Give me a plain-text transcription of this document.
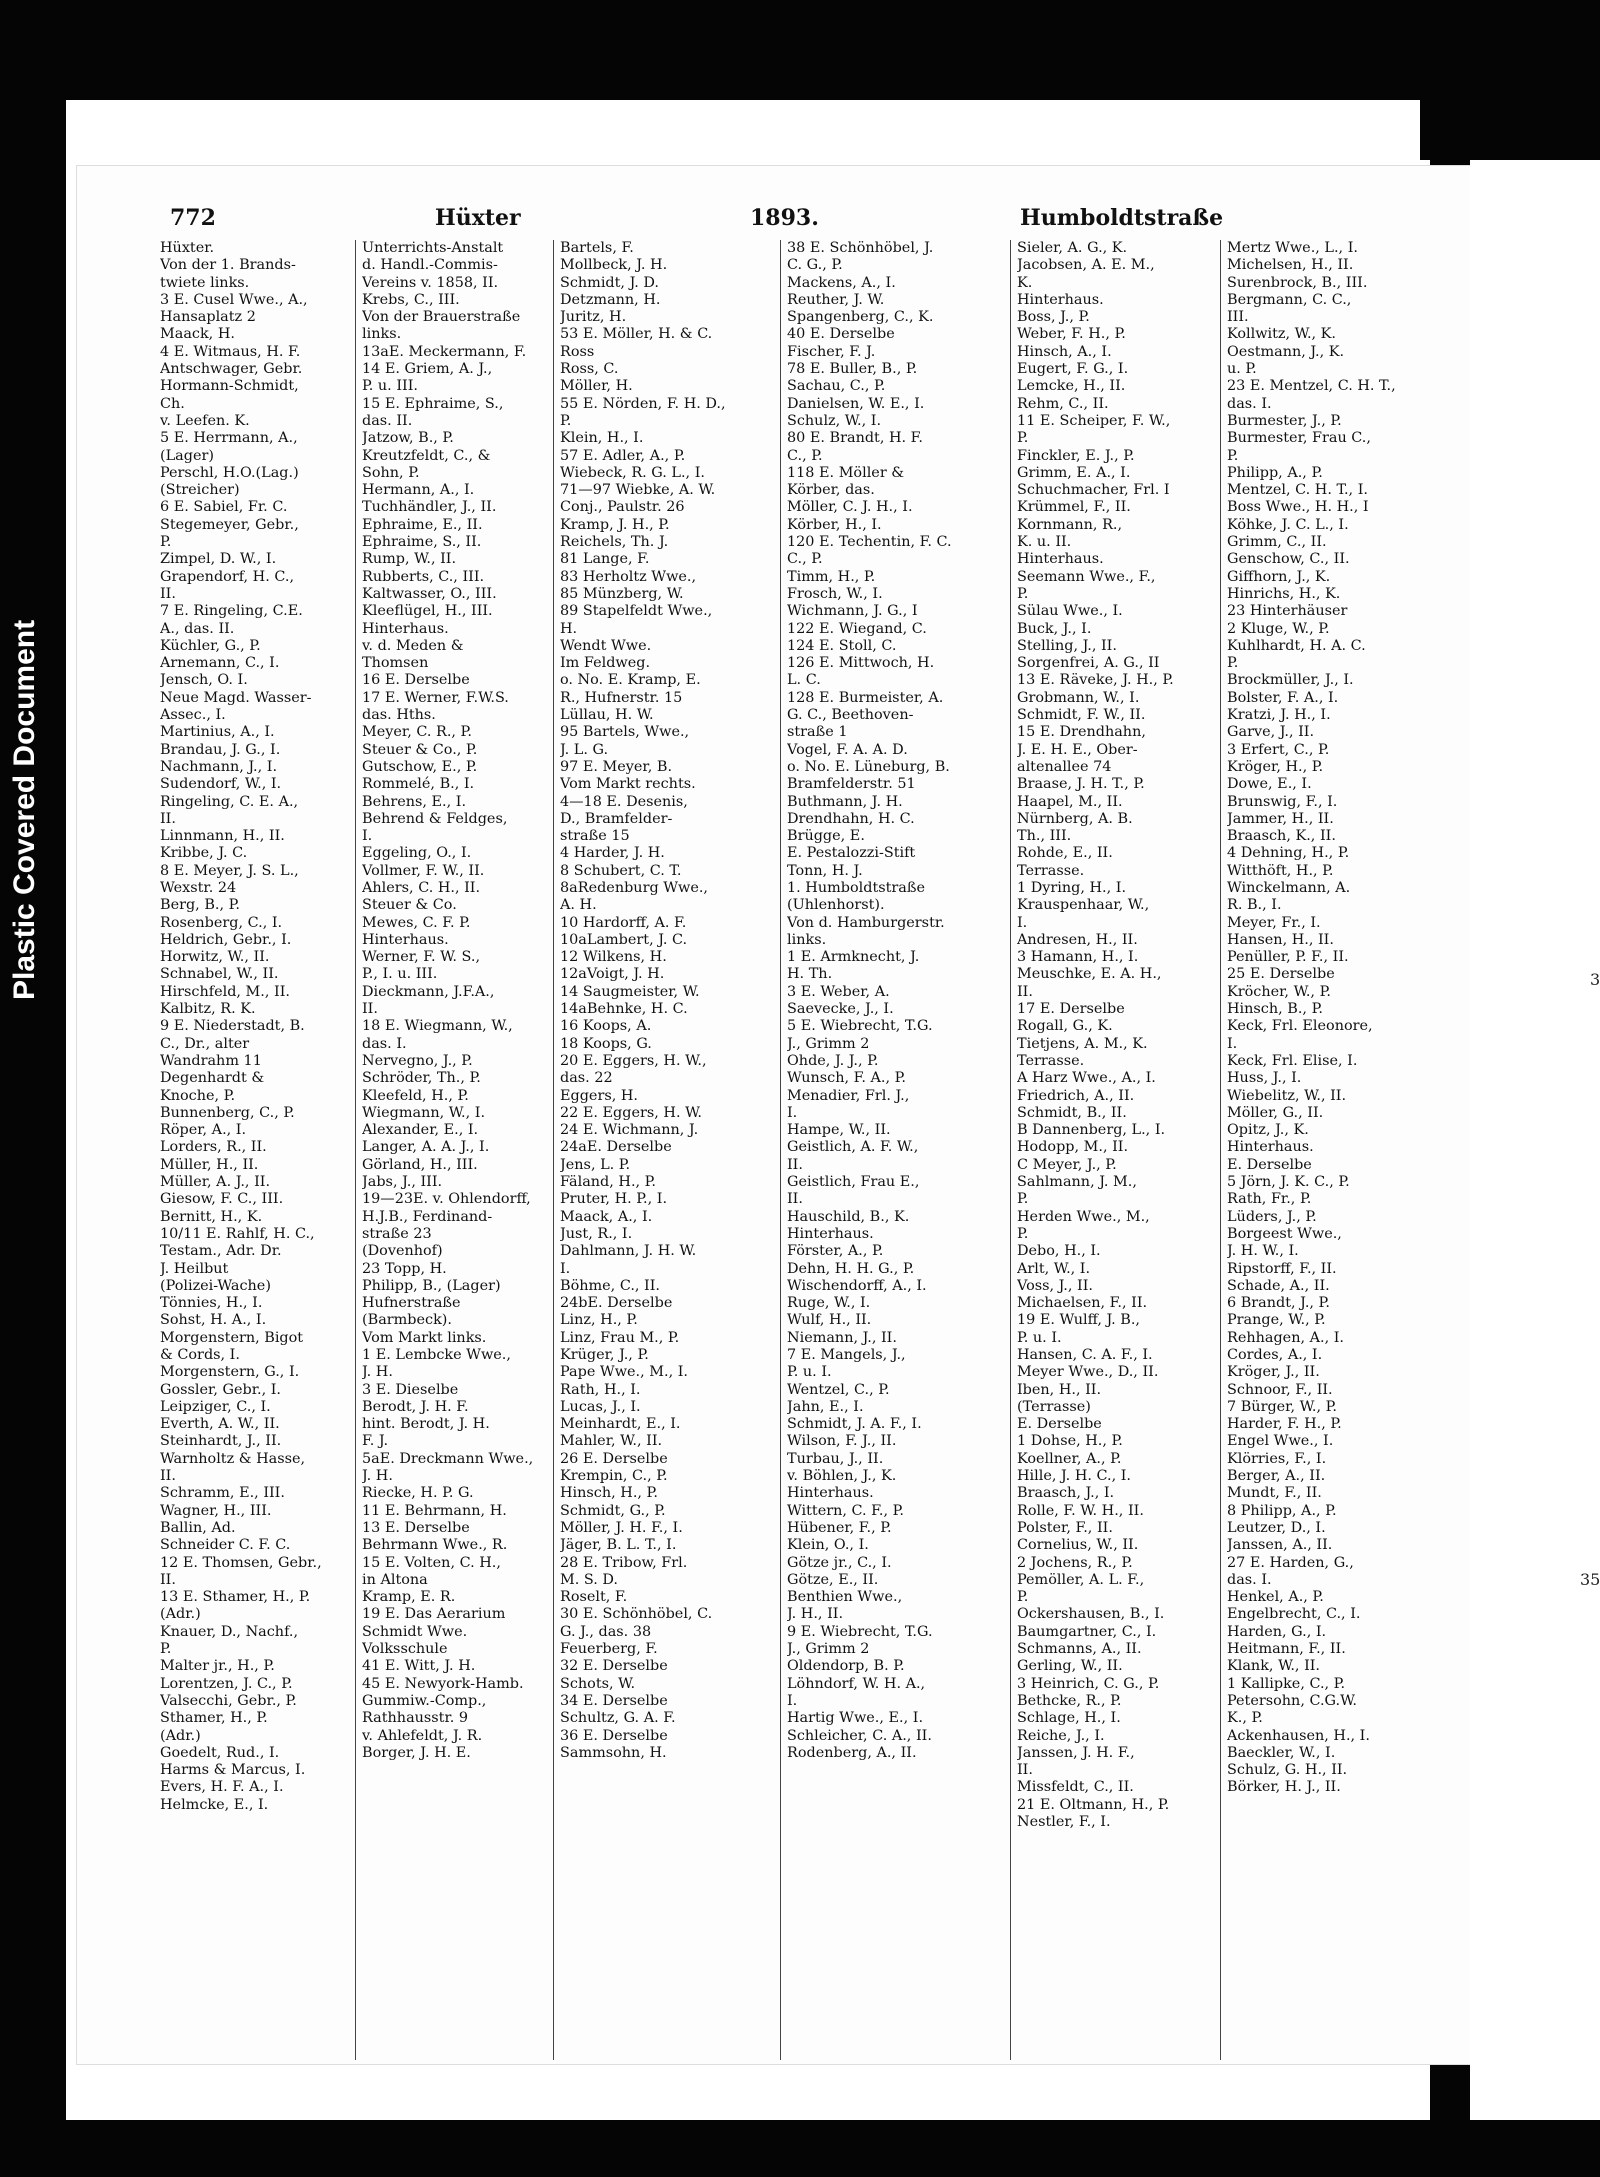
Plastic Covered Document	3
35
772	Hüxter	1893.	Humboldtstraße
Hüxter.
Von der 1. Brands-
twiete links.
3 E. Cusel Wwe., A.,
Hansaplatz 2
Maack, H.
4 E. Witmaus, H. F.
Antschwager, Gebr.
Hormann-Schmidt,
Ch.
v. Leefen. K.
5 E. Herrmann, A.,
(Lager)
Perschl, H.O.(Lag.)
(Streicher)
6 E. Sabiel, Fr. C.
Stegemeyer, Gebr.,
P.
Zimpel, D. W., I.
Grapendorf, H. C.,
II.
7 E. Ringeling, C.E.
A., das. II.
Küchler, G., P.
Arnemann, C., I.
Jensch, O. I.
Neue Magd. Wasser-
Assec., I.
Martinius, A., I.
Brandau, J. G., I.
Nachmann, J., I.
Sudendorf, W., I.
Ringeling, C. E. A.,
II.
Linnmann, H., II.
Kribbe, J. C.
8 E. Meyer, J. S. L.,
Wexstr. 24
Berg, B., P.
Rosenberg, C., I.
Heldrich, Gebr., I.
Horwitz, W., II.
Schnabel, W., II.
Hirschfeld, M., II.
Kalbitz, R. K.
9 E. Niederstadt, B.
C., Dr., alter
Wandrahm 11
Degenhardt &
Knoche, P.
Bunnenberg, C., P.
Röper, A., I.
Lorders, R., II.
Müller, H., II.
Müller, A. J., II.
Giesow, F. C., III.
Bernitt, H., K.
10/11 E. Rahlf, H. C.,
Testam., Adr. Dr.
J. Heilbut
(Polizei-Wache)
Tönnies, H., I.
Sohst, H. A., I.
Morgenstern, Bigot
& Cords, I.
Morgenstern, G., I.
Gossler, Gebr., I.
Leipziger, C., I.
Everth, A. W., II.
Steinhardt, J., II.
Warnholtz & Hasse,
II.
Schramm, E., III.
Wagner, H., III.
Ballin, Ad.
Schneider C. F. C.
12 E. Thomsen, Gebr.,
II.
13 E. Sthamer, H., P.
(Adr.)
Knauer, D., Nachf.,
P.
Malter jr., H., P.
Lorentzen, J. C., P.
Valsecchi, Gebr., P.
Sthamer, H., P.
(Adr.)
Goedelt, Rud., I.
Harms & Marcus, I.
Evers, H. F. A., I.
Helmcke, E., I.
Unterrichts-Anstalt
d. Handl.-Commis-
Vereins v. 1858, II.
Krebs, C., III.
Von der Brauerstraße
links.
13aE. Meckermann, F.
14 E. Griem, A. J.,
P. u. III.
15 E. Ephraime, S.,
das. II.
Jatzow, B., P.
Kreutzfeldt, C., &
Sohn, P.
Hermann, A., I.
Tuchhändler, J., II.
Ephraime, E., II.
Ephraime, S., II.
Rump, W., II.
Rubberts, C., III.
Kaltwasser, O., III.
Kleeflügel, H., III.
Hinterhaus.
v. d. Meden &
Thomsen
16 E. Derselbe
17 E. Werner, F.W.S.
das. Hths.
Meyer, C. R., P.
Steuer & Co., P.
Gutschow, E., P.
Rommelé, B., I.
Behrens, E., I.
Behrend & Feldges,
I.
Eggeling, O., I.
Vollmer, F. W., II.
Ahlers, C. H., II.
Steuer & Co.
Mewes, C. F. P.
Hinterhaus.
Werner, F. W. S.,
P., I. u. III.
Dieckmann, J.F.A.,
II.
18 E. Wiegmann, W.,
das. I.
Nervegno, J., P.
Schröder, Th., P.
Kleefeld, H., P.
Wiegmann, W., I.
Alexander, E., I.
Langer, A. A. J., I.
Görland, H., III.
Jabs, J., III.
19—23E. v. Ohlendorff,
H.J.B., Ferdinand-
straße 23
(Dovenhof)
23 Topp, H.
Philipp, B., (Lager)
Hufnerstraße
(Barmbeck).
Vom Markt links.
1 E. Lembcke Wwe.,
J. H.
3 E. Dieselbe
Berodt, J. H. F.
hint. Berodt, J. H.
F. J.
5aE. Dreckmann Wwe.,
J. H.
Riecke, H. P. G.
11 E. Behrmann, H.
13 E. Derselbe
Behrmann Wwe., R.
15 E. Volten, C. H.,
in Altona
Kramp, E. R.
19 E. Das Aerarium
Schmidt Wwe.
Volksschule
41 E. Witt, J. H.
45 E. Newyork-Hamb.
Gummiw.-Comp.,
Rathhausstr. 9
v. Ahlefeldt, J. R.
Borger, J. H. E.
Bartels, F.
Mollbeck, J. H.
Schmidt, J. D.
Detzmann, H.
Juritz, H.
53 E. Möller, H. & C.
Ross
Ross, C.
Möller, H.
55 E. Nörden, F. H. D.,
P.
Klein, H., I.
57 E. Adler, A., P.
Wiebeck, R. G. L., I.
71—97 Wiebke, A. W.
Conj., Paulstr. 26
Kramp, J. H., P.
Reichels, Th. J.
81 Lange, F.
83 Herholtz Wwe.,
85 Münzberg, W.
89 Stapelfeldt Wwe.,
H.
Wendt Wwe.
Im Feldweg.
o. No. E. Kramp, E.
R., Hufnerstr. 15
Lüllau, H. W.
95 Bartels, Wwe.,
J. L. G.
97 E. Meyer, B.
Vom Markt rechts.
4—18 E. Desenis,
D., Bramfelder-
straße 15
4 Harder, J. H.
8 Schubert, C. T.
8aRedenburg Wwe.,
A. H.
10 Hardorff, A. F.
10aLambert, J. C.
12 Wilkens, H.
12aVoigt, J. H.
14 Saugmeister, W.
14aBehnke, H. C.
16 Koops, A.
18 Koops, G.
20 E. Eggers, H. W.,
das. 22
Eggers, H.
22 E. Eggers, H. W.
24 E. Wichmann, J.
24aE. Derselbe
Jens, L. P.
Fäland, H., P.
Pruter, H. P., I.
Maack, A., I.
Just, R., I.
Dahlmann, J. H. W.
I.
Böhme, C., II.
24bE. Derselbe
Linz, H., P.
Linz, Frau M., P.
Krüger, J., P.
Pape Wwe., M., I.
Rath, H., I.
Lucas, J., I.
Meinhardt, E., I.
Mahler, W., II.
26 E. Derselbe
Krempin, C., P.
Hinsch, H., P.
Schmidt, G., P.
Möller, J. H. F., I.
Jäger, B. L. T., I.
28 E. Tribow, Frl.
M. S. D.
Roselt, F.
30 E. Schönhöbel, C.
G. J., das. 38
Feuerberg, F.
32 E. Derselbe
Schots, W.
34 E. Derselbe
Schultz, G. A. F.
36 E. Derselbe
Sammsohn, H.
38 E. Schönhöbel, J.
C. G., P.
Mackens, A., I.
Reuther, J. W.
Spangenberg, C., K.
40 E. Derselbe
Fischer, F. J.
78 E. Buller, B., P.
Sachau, C., P.
Danielsen, W. E., I.
Schulz, W., I.
80 E. Brandt, H. F.
C., P.
118 E. Möller &
Körber, das.
Möller, C. J. H., I.
Körber, H., I.
120 E. Techentin, F. C.
C., P.
Timm, H., P.
Frosch, W., I.
Wichmann, J. G., I
122 E. Wiegand, C.
124 E. Stoll, C.
126 E. Mittwoch, H.
L. C.
128 E. Burmeister, A.
G. C., Beethoven-
straße 1
Vogel, F. A. A. D.
o. No. E. Lüneburg, B.
Bramfelderstr. 51
Buthmann, J. H.
Drendhahn, H. C.
Brügge, E.
E. Pestalozzi-Stift
Tonn, H. J.
1. Humboldtstraße
(Uhlenhorst).
Von d. Hamburgerstr.
links.
1 E. Armknecht, J.
H. Th.
3 E. Weber, A.
Saevecke, J., I.
5 E. Wiebrecht, T.G.
J., Grimm 2
Ohde, J. J., P.
Wunsch, F. A., P.
Menadier, Frl. J.,
I.
Hampe, W., II.
Geistlich, A. F. W.,
II.
Geistlich, Frau E.,
II.
Hauschild, B., K.
Hinterhaus.
Förster, A., P.
Dehn, H. H. G., P.
Wischendorff, A., I.
Ruge, W., I.
Wulf, H., II.
Niemann, J., II.
7 E. Mangels, J.,
P. u. I.
Wentzel, C., P.
Jahn, E., I.
Schmidt, J. A. F., I.
Wilson, F. J., II.
Turbau, J., II.
v. Böhlen, J., K.
Hinterhaus.
Wittern, C. F., P.
Hübener, F., P.
Klein, O., I.
Götze jr., C., I.
Götze, E., II.
Benthien Wwe.,
J. H., II.
9 E. Wiebrecht, T.G.
J., Grimm 2
Oldendorp, B. P.
Löhndorf, W. H. A.,
I.
Hartig Wwe., E., I.
Schleicher, C. A., II.
Rodenberg, A., II.
Sieler, A. G., K.
Jacobsen, A. E. M.,
K.
Hinterhaus.
Boss, J., P.
Weber, F. H., P.
Hinsch, A., I.
Eugert, F. G., I.
Lemcke, H., II.
Rehm, C., II.
11 E. Scheiper, F. W.,
P.
Finckler, E. J., P.
Grimm, E. A., I.
Schuchmacher, Frl. I
Krümmel, F., II.
Kornmann, R.,
K. u. II.
Hinterhaus.
Seemann Wwe., F.,
P.
Sülau Wwe., I.
Buck, J., I.
Stelling, J., II.
Sorgenfrei, A. G., II
13 E. Räveke, J. H., P.
Grobmann, W., I.
Schmidt, F. W., II.
15 E. Drendhahn,
J. E. H. E., Ober-
altenallee 74
Braase, J. H. T., P.
Haapel, M., II.
Nürnberg, A. B.
Th., III.
Rohde, E., II.
Terrasse.
1 Dyring, H., I.
Krauspenhaar, W.,
I.
Andresen, H., II.
3 Hamann, H., I.
Meuschke, E. A. H.,
II.
17 E. Derselbe
Rogall, G., K.
Tietjens, A. M., K.
Terrasse.
A Harz Wwe., A., I.
Friedrich, A., II.
Schmidt, B., II.
B Dannenberg, L., I.
Hodopp, M., II.
C Meyer, J., P.
Sahlmann, J. M.,
P.
Herden Wwe., M.,
P.
Debo, H., I.
Arlt, W., I.
Voss, J., II.
Michaelsen, F., II.
19 E. Wulff, J. B.,
P. u. I.
Hansen, C. A. F., I.
Meyer Wwe., D., II.
Iben, H., II.
(Terrasse)
E. Derselbe
1 Dohse, H., P.
Koellner, A., P.
Hille, J. H. C., I.
Braasch, J., I.
Rolle, F. W. H., II.
Polster, F., II.
Cornelius, W., II.
2 Jochens, R., P.
Pemöller, A. L. F.,
P.
Ockershausen, B., I.
Baumgartner, C., I.
Schmanns, A., II.
Gerling, W., II.
3 Heinrich, C. G., P.
Bethcke, R., P.
Schlage, H., I.
Reiche, J., I.
Janssen, J. H. F.,
II.
Missfeldt, C., II.
21 E. Oltmann, H., P.
Nestler, F., I.
Mertz Wwe., L., I.
Michelsen, H., II.
Surenbrock, B., III.
Bergmann, C. C.,
III.
Kollwitz, W., K.
Oestmann, J., K.
u. P.
23 E. Mentzel, C. H. T.,
das. I.
Burmester, J., P.
Burmester, Frau C.,
P.
Philipp, A., P.
Mentzel, C. H. T., I.
Boss Wwe., H. H., I
Köhke, J. C. L., I.
Grimm, C., II.
Genschow, C., II.
Giffhorn, J., K.
Hinrichs, H., K.
23 Hinterhäuser
2 Kluge, W., P.
Kuhlhardt, H. A. C.
P.
Brockmüller, J., I.
Bolster, F. A., I.
Kratzi, J. H., I.
Garve, J., II.
3 Erfert, C., P.
Kröger, H., P.
Dowe, E., I.
Brunswig, F., I.
Jammer, H., II.
Braasch, K., II.
4 Dehning, H., P.
Witthöft, H., P.
Winckelmann, A.
R. B., I.
Meyer, Fr., I.
Hansen, H., II.
Penüller, P. F., II.
25 E. Derselbe
Kröcher, W., P.
Hinsch, B., P.
Keck, Frl. Eleonore,
I.
Keck, Frl. Elise, I.
Huss, J., I.
Wiebelitz, W., II.
Möller, G., II.
Opitz, J., K.
Hinterhaus.
E. Derselbe
5 Jörn, J. K. C., P.
Rath, Fr., P.
Lüders, J., P.
Borgeest Wwe.,
J. H. W., I.
Ripstorff, F., II.
Schade, A., II.
6 Brandt, J., P.
Prange, W., P.
Rehhagen, A., I.
Cordes, A., I.
Kröger, J., II.
Schnoor, F., II.
7 Bürger, W., P.
Harder, F. H., P.
Engel Wwe., I.
Klörries, F., I.
Berger, A., II.
Mundt, F., II.
8 Philipp, A., P.
Leutzer, D., I.
Janssen, A., II.
27 E. Harden, G.,
das. I.
Henkel, A., P.
Engelbrecht, C., I.
Harden, G., I.
Heitmann, F., II.
Klank, W., II.
1 Kallipke, C., P.
Petersohn, C.G.W.
K., P.
Ackenhausen, H., I.
Baeckler, W., I.
Schulz, G. H., II.
Börker, H. J., II.
